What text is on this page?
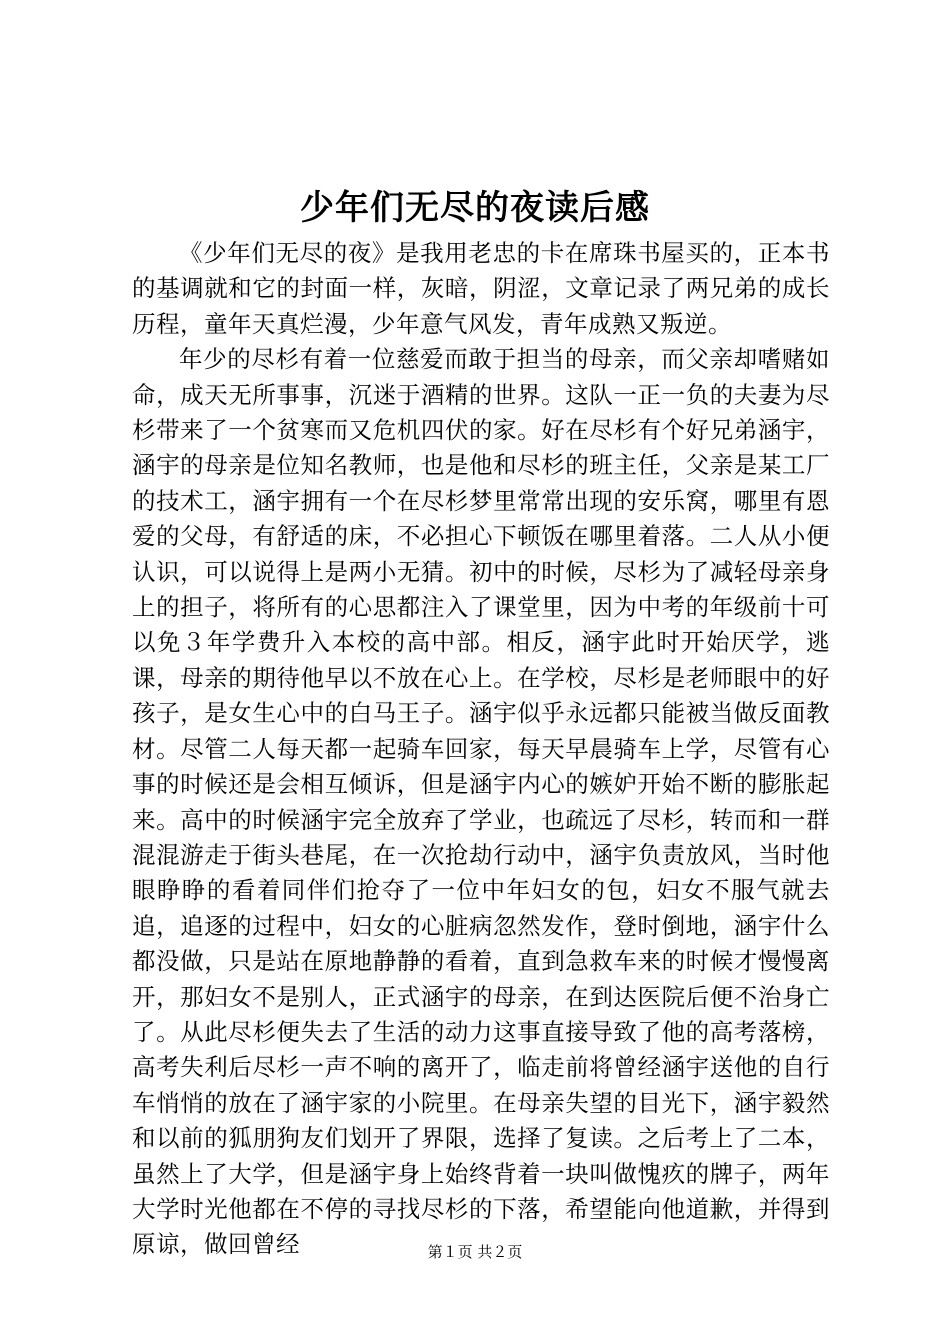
少年们无尽的夜读后感

《少年们无尽的夜》是我用老忠的卡在席珠书屋买的，正本书的基调就和它的封面一样，灰暗，阴涩，文章记录了两兄弟的成长历程，童年天真烂漫，少年意气风发，青年成熟又叛逆。

年少的尽杉有着一位慈爱而敢于担当的母亲，而父亲却嗜赌如命，成天无所事事，沉迷于酒精的世界。这队一正一负的夫妻为尽杉带来了一个贫寒而又危机四伏的家。好在尽杉有个好兄弟涵宇，涵宇的母亲是位知名教师，也是他和尽杉的班主任，父亲是某工厂的技术工，涵宇拥有一个在尽杉梦里常常出现的安乐窝，哪里有恩爱的父母，有舒适的床，不必担心下顿饭在哪里着落。二人从小便认识，可以说得上是两小无猜。初中的时候，尽杉为了减轻母亲身上的担子，将所有的心思都注入了课堂里，因为中考的年级前十可以免３年学费升入本校的高中部。相反，涵宇此时开始厌学，逃课，母亲的期待他早以不放在心上。在学校，尽杉是老师眼中的好孩子，是女生心中的白马王子。涵宇似乎永远都只能被当做反面教材。尽管二人每天都一起骑车回家，每天早晨骑车上学，尽管有心事的时候还是会相互倾诉，但是涵宇内心的嫉妒开始不断的膨胀起来。高中的时候涵宇完全放弃了学业，也疏远了尽杉，转而和一群混混游走于街头巷尾，在一次抢劫行动中，涵宇负责放风，当时他眼睁睁的看着同伴们抢夺了一位中年妇女的包，妇女不服气就去追，追逐的过程中，妇女的心脏病忽然发作，登时倒地，涵宇什么都没做，只是站在原地静静的看着，直到急救车来的时候才慢慢离开，那妇女不是别人，正式涵宇的母亲，在到达医院后便不治身亡了。从此尽杉便失去了生活的动力这事直接导致了他的高考落榜，高考失利后尽杉一声不响的离开了，临走前将曾经涵宇送他的自行车悄悄的放在了涵宇家的小院里。在母亲失望的目光下，涵宇毅然和以前的狐朋狗友们划开了界限，选择了复读。之后考上了二本，虽然上了大学，但是涵宇身上始终背着一块叫做愧疚的牌子，两年大学时光他都在不停的寻找尽杉的下落，希望能向他道歉，并得到原谅，做回曾经	第１页 共２页
